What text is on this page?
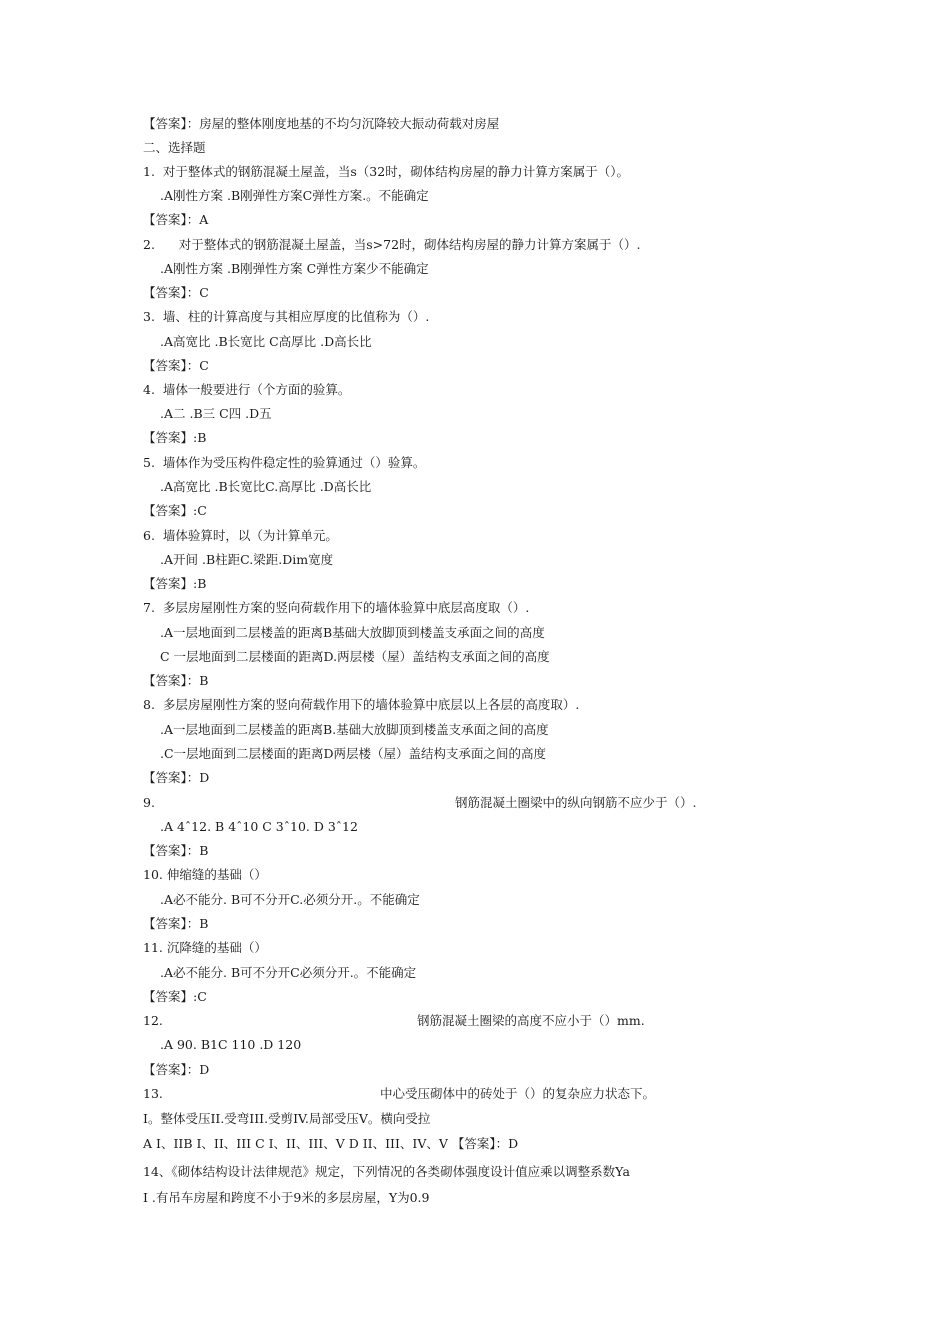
【答案】：房屋的整体刚度地基的不均匀沉降较大振动荷载对房屋
二、选择题
1.  对于整体式的钢筋混凝土屋盖，当s（32时，砌体结构房屋的静力计算方案属于（）。
.A刚性方案 .B刚弹性方案C弹性方案.。不能确定
【答案】：A
2.      对于整体式的钢筋混凝土屋盖，当s>72时，砌体结构房屋的静力计算方案属于（）.
.A刚性方案 .B刚弹性方案 C弹性方案少不能确定
【答案】：C
3.  墙、柱的计算高度与其相应厚度的比值称为（）.
.A高宽比 .B长宽比 C高厚比 .D高长比
【答案】：C
4.  墙体一般要进行（个方面的验算。
.A二 .B三 C四 .D五
【答案】:B
5.  墙体作为受压构件稳定性的验算通过（）验算。
.A高宽比 .B长宽比C.高厚比 .D高长比
【答案】:C
6.  墙体验算时，以（为计算单元。
.A开间 .B柱距C.梁距.Dim宽度
【答案】:B
7.  多层房屋刚性方案的竖向荷载作用下的墙体验算中底层高度取（）.
.A一层地面到二层楼盖的距离B基础大放脚顶到楼盖支承面之间的高度
C 一层地面到二层楼面的距离D.两层楼（屋）盖结构支承面之间的高度
【答案】：B
8.  多层房屋刚性方案的竖向荷载作用下的墙体验算中底层以上各层的高度取）.
.A一层地面到二层楼盖的距离B.基础大放脚顶到楼盖支承面之间的高度
.C一层地面到二层楼面的距离D两层楼（屋）盖结构支承面之间的高度
【答案】：D
9.	钢筋混凝土圈梁中的纵向钢筋不应少于（）.
.A 4ˆ12. B 4ˆ10 C 3ˆ10. D 3ˆ12
【答案】：B
10. 伸缩缝的基础（）
.A必不能分. B可不分开C.必须分开.。不能确定
【答案】：B
11. 沉降缝的基础（）
.A必不能分. B可不分开C必须分开.。不能确定
【答案】:C
12.	钢筋混凝土圈梁的高度不应小于（）mm.
.A 90. B1C 110 .D 120
【答案】：D
13.	中心受压砌体中的砖处于（）的复杂应力状态下。
I。整体受压II.受弯III.受剪IV.局部受压V。横向受拉
A I、IIB I、II、III C I、II、III、V D II、III、IV、V 【答案】：D
14、《砌体结构设计法律规范》规定，下列情况的各类砌体强度设计值应乘以调整系数Ya
I .有吊车房屋和跨度不小于9米的多层房屋，Y为0.9
